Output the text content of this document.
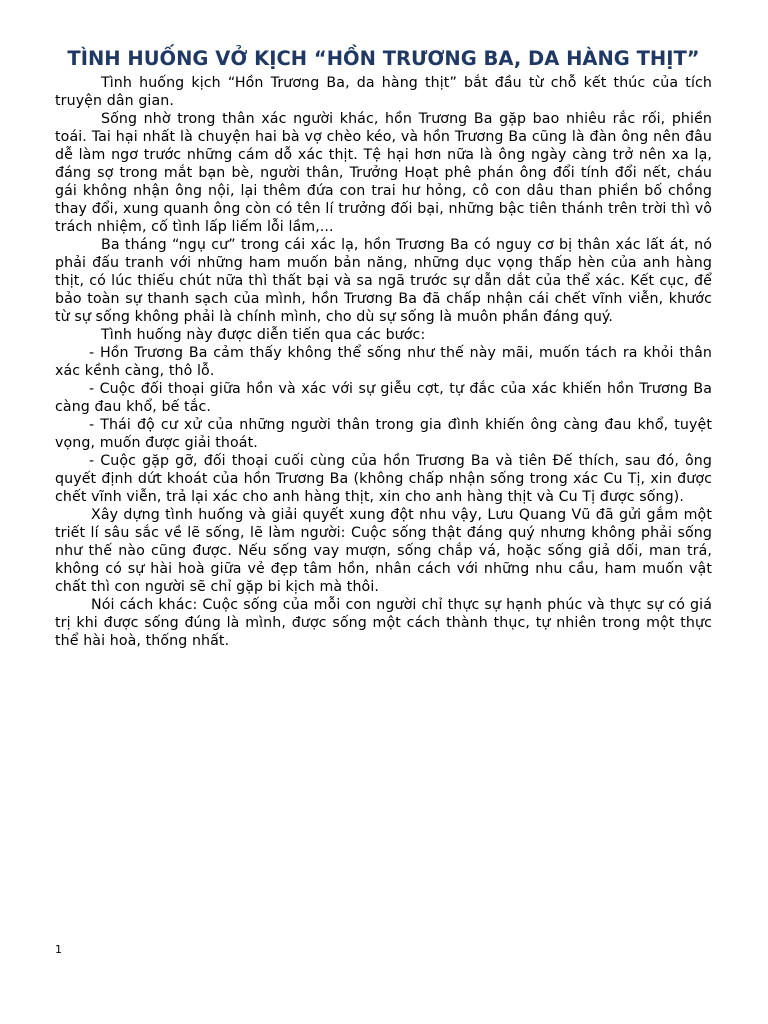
TÌNH HUỐNG VỞ KỊCH “HỒN TRƯƠNG BA, DA HÀNG THỊT”

Tình huống kịch “Hồn Trương Ba, da hàng thịt” bắt đầu từ chỗ kết thúc của tích truyện dân gian.

Sống nhờ trong thân xác người khác, hồn Trương Ba gặp bao nhiêu rắc rối, phiền toái. Tai hại nhất là chuyện hai bà vợ chèo kéo, và hồn Trương Ba cũng là đàn ông nên đâu dễ làm ngơ trước những cám dỗ xác thịt. Tệ hại hơn nữa là ông ngày càng trở nên xa lạ, đáng sợ trong mắt bạn bè, người thân, Trưởng Hoạt phê phán ông đổi tính đổi nết, cháu gái không nhận ông nội, lại thêm đứa con trai hư hỏng, cô con dâu than phiền bố chồng thay đổi, xung quanh ông còn có tên lí trưởng đối bại, những bậc tiên thánh trên trời thì vô trách nhiệm, cố tình lấp liếm lỗi lầm,...

Ba tháng “ngụ cư” trong cái xác lạ, hồn Trương Ba có nguy cơ bị thân xác lất át, nó phải đấu tranh với những ham muốn bản năng, những dục vọng thấp hèn của anh hàng thịt, có lúc thiếu chút nữa thì thất bại và sa ngã trước sự dẫn dắt của thể xác. Kết cục, để bảo toàn sự thanh sạch của mình, hồn Trương Ba đã chấp nhận cái chết vĩnh viễn, khước từ sự sống không phải là chính mình, cho dù sự sống là muôn phần đáng quý.

Tình huống này được diễn tiến qua các bước:

- Hồn Trương Ba cảm thấy không thể sống như thế này mãi, muốn tách ra khỏi thân xác kềnh càng, thô lỗ.

- Cuộc đối thoại giữa hồn và xác với sự giễu cợt, tự đắc của xác khiến hồn Trương Ba càng đau khổ, bế tắc.

- Thái độ cư xử của những người thân trong gia đình khiến ông càng đau khổ, tuyệt vọng, muốn được giải thoát.

- Cuộc gặp gỡ, đối thoại cuối cùng của hồn Trương Ba và tiên Đế thích, sau đó, ông quyết định dứt khoát của hồn Trương Ba (không chấp nhận sống trong xác Cu Tị, xin được chết vĩnh viễn, trả lại xác cho anh hàng thịt, xin cho anh hàng thịt và Cu Tị được sống).

Xây dựng tình huống và giải quyết xung đột nhu vậy, Lưu Quang Vũ đã gửi gắm một triết lí sâu sắc về lẽ sống, lẽ làm người: Cuộc sống thật đáng quý nhưng không phải sống như thế nào cũng được. Nếu sống vay mượn, sống chắp vá, hoặc sống giả dối, man trá, không có sự hài hoà giữa vẻ đẹp tâm hồn, nhân cách với những nhu cầu, ham muốn vật chất thì con người sẽ chỉ gặp bi kịch mà thôi.

Nói cách khác: Cuộc sống của mỗi con người chỉ thực sự hạnh phúc và thực sự có giá trị khi được sống đúng là mình, được sống một cách thành thục, tự nhiên trong một thực thể hài hoà, thống nhất.

1
